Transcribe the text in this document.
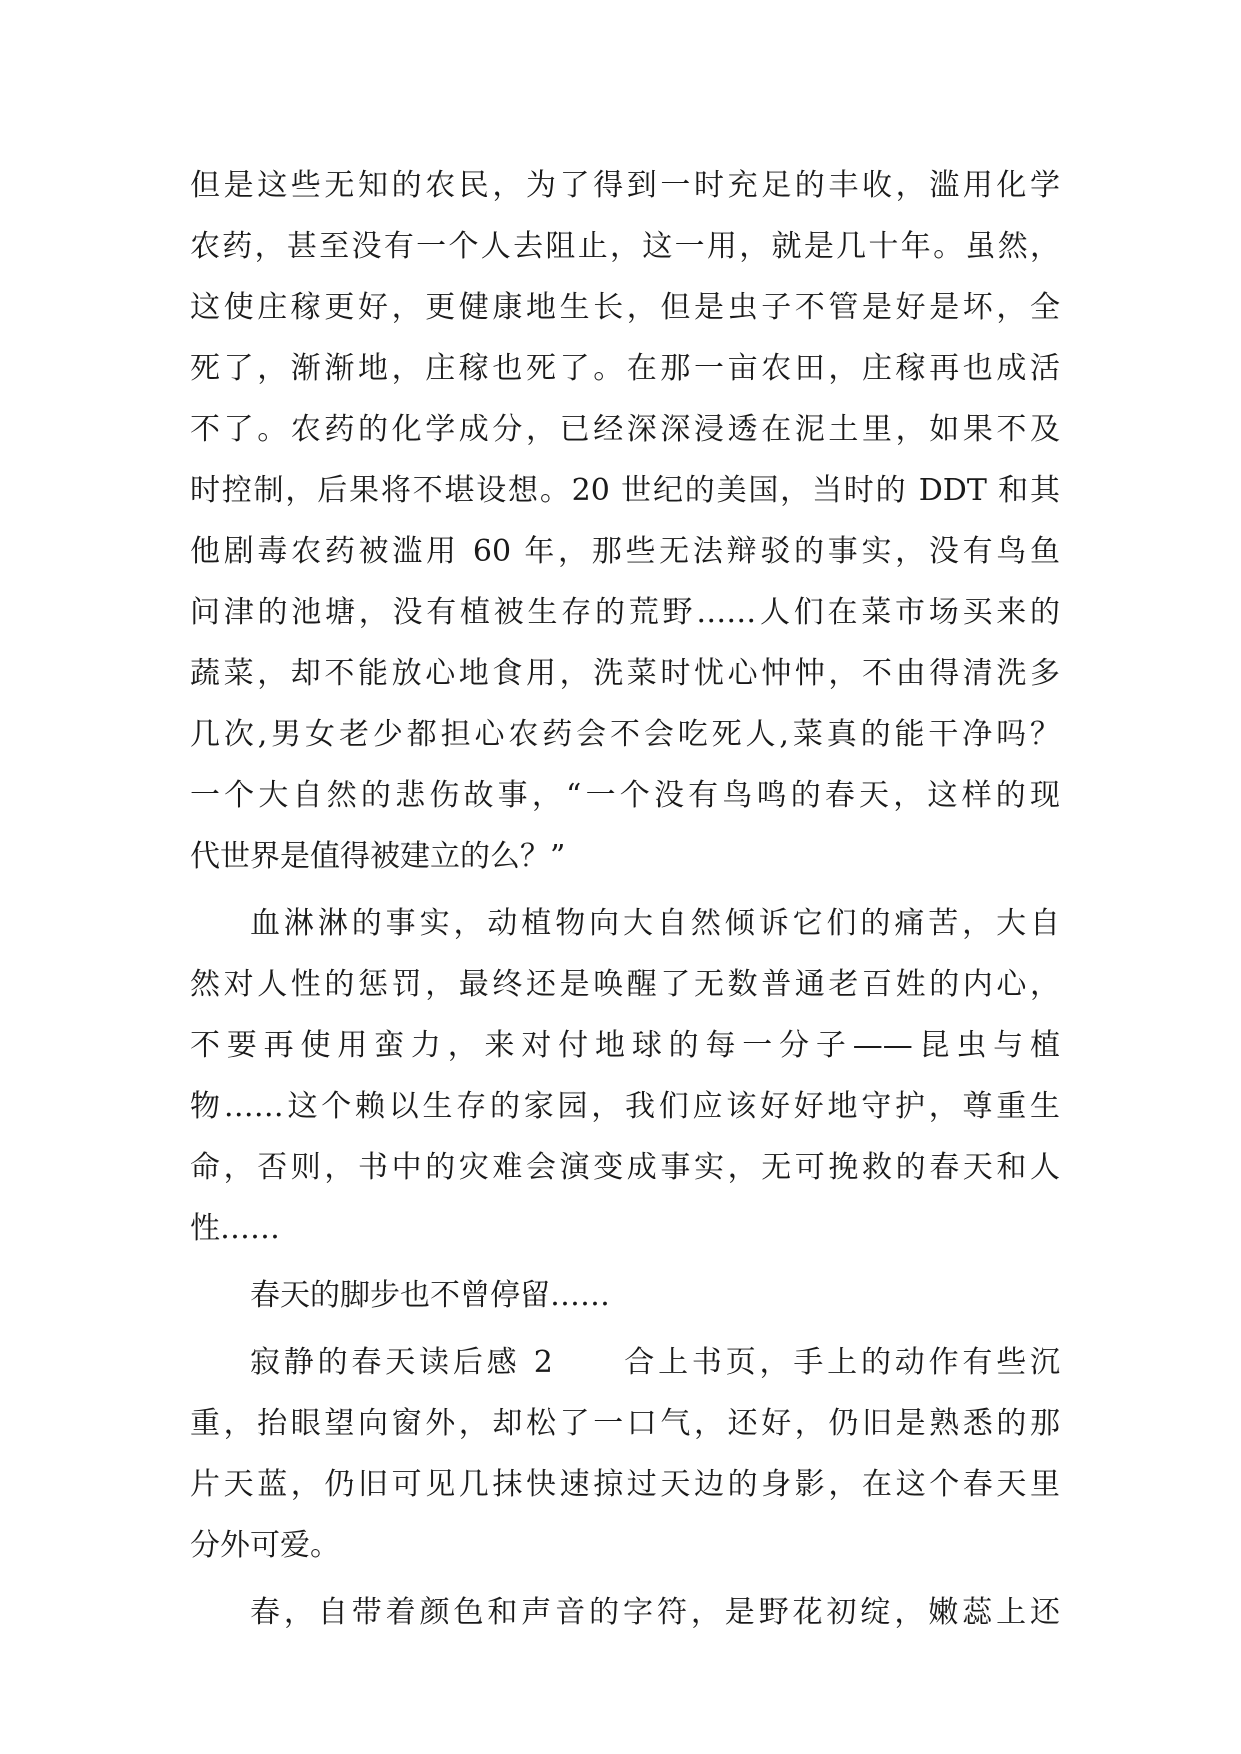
但是这些无知的农民，为了得到一时充足的丰收，滥用化学
农药，甚至没有一个人去阻止，这一用，就是几十年。虽然，
这使庄稼更好，更健康地生长，但是虫子不管是好是坏，全
死了，渐渐地，庄稼也死了。在那一亩农田，庄稼再也成活
不了。农药的化学成分，已经深深浸透在泥土里，如果不及
时控制，后果将不堪设想。20 世纪的美国，当时的 DDT 和其
他剧毒农药被滥用 60 年，那些无法辩驳的事实，没有鸟鱼
问津的池塘，没有植被生存的荒野……人们在菜市场买来的
蔬菜，却不能放心地食用，洗菜时忧心忡忡，不由得清洗多
几次,男女老少都担心农药会不会吃死人,菜真的能干净吗？
一个大自然的悲伤故事，“一个没有鸟鸣的春天，这样的现
代世界是值得被建立的么？”
血淋淋的事实，动植物向大自然倾诉它们的痛苦，大自
然对人性的惩罚，最终还是唤醒了无数普通老百姓的内心，
不要再使用蛮力，来对付地球的每一分子——昆虫与植
物……这个赖以生存的家园，我们应该好好地守护，尊重生
命，否则，书中的灾难会演变成事实，无可挽救的春天和人
性……
春天的脚步也不曾停留……
寂静的春天读后感 2　　合上书页，手上的动作有些沉
重，抬眼望向窗外，却松了一口气，还好，仍旧是熟悉的那
片天蓝，仍旧可见几抹快速掠过天边的身影，在这个春天里
分外可爱。
春，自带着颜色和声音的字符，是野花初绽，嫩蕊上还
